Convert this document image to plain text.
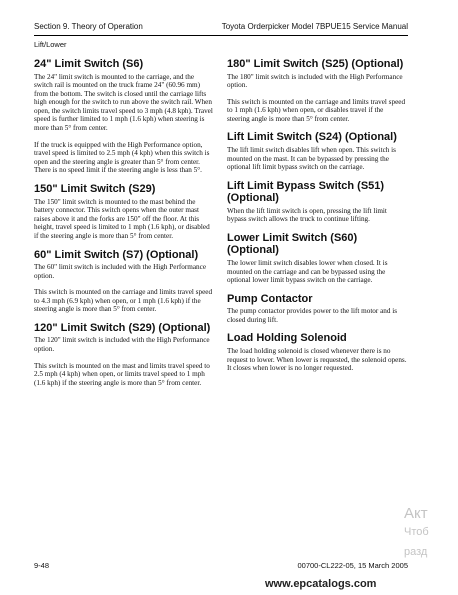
Section 9. Theory of Operation	Toyota Orderpicker Model 7BPUE15 Service Manual
Lift/Lower
24" Limit Switch (S6)

The 24" limit switch is mounted to the carriage, and the switch rail is mounted on the truck frame 24" (60.96 mm) from the bottom. The switch is closed until the carriage lifts high enough for the switch to run above the switch rail. When open, the switch limits travel speed to 3 mph (4.8 kph). Travel speed is further limited to 1 mph (1.6 kph) when steering is more than 5° from center.

If the truck is equipped with the High Performance option, travel speed is limited to 2.5 mph (4 kph) when this switch is open and the steering angle is greater than 5° from center. There is no speed limit if the steering angle is less than 5°.

150" Limit Switch (S29)

The 150" limit switch is mounted to the mast behind the battery connector. This switch opens when the outer mast raises above it and the forks are 150" off the floor. At this height, travel speed is limited to 1 mph (1.6 kph), or disabled if the steering angle is more than 5° from center.

60" Limit Switch (S7) (Optional)

The 60" limit switch is included with the High Performance option.

This switch is mounted on the carriage and limits travel speed to 4.3 mph (6.9 kph) when open, or 1 mph (1.6 kph) if the steering angle is more than 5° from center.

120" Limit Switch (S29) (Optional)

The 120" limit switch is included with the High Performance option.

This switch is mounted on the mast and limits travel speed to 2.5 mph (4 kph) when open, or limits travel speed to 1 mph (1.6 kph) if the steering angle is more than 5° from center.

180" Limit Switch (S25) (Optional)

The 180" limit switch is included with the High Performance option.

This switch is mounted on the carriage and limits travel speed to 1 mph (1.6 kph) when open, or disables travel if the steering angle is more than 5° from center.

Lift Limit Switch (S24) (Optional)

The lift limit switch disables lift when open. This switch is mounted on the mast. It can be bypassed by pressing the optional lift limit bypass switch on the carriage.

Lift Limit Bypass Switch (S51) (Optional)

When the lift limit switch is open, pressing the lift limit bypass switch allows the truck to continue lifting.

Lower Limit Switch (S60) (Optional)

The lower limit switch disables lower when closed. It is mounted on the carriage and can be bypassed using the optional lower limit bypass switch on the carriage.

Pump Contactor

The pump contactor provides power to the lift motor and is closed during lift.

Load Holding Solenoid

The load holding solenoid is closed whenever there is no request to lower. When lower is requested, the solenoid opens. It closes when lower is no longer requested.

9-48	00700-CL222-05, 15 March 2005
Акт
Чтоб
разд
www.epcatalogs.com
